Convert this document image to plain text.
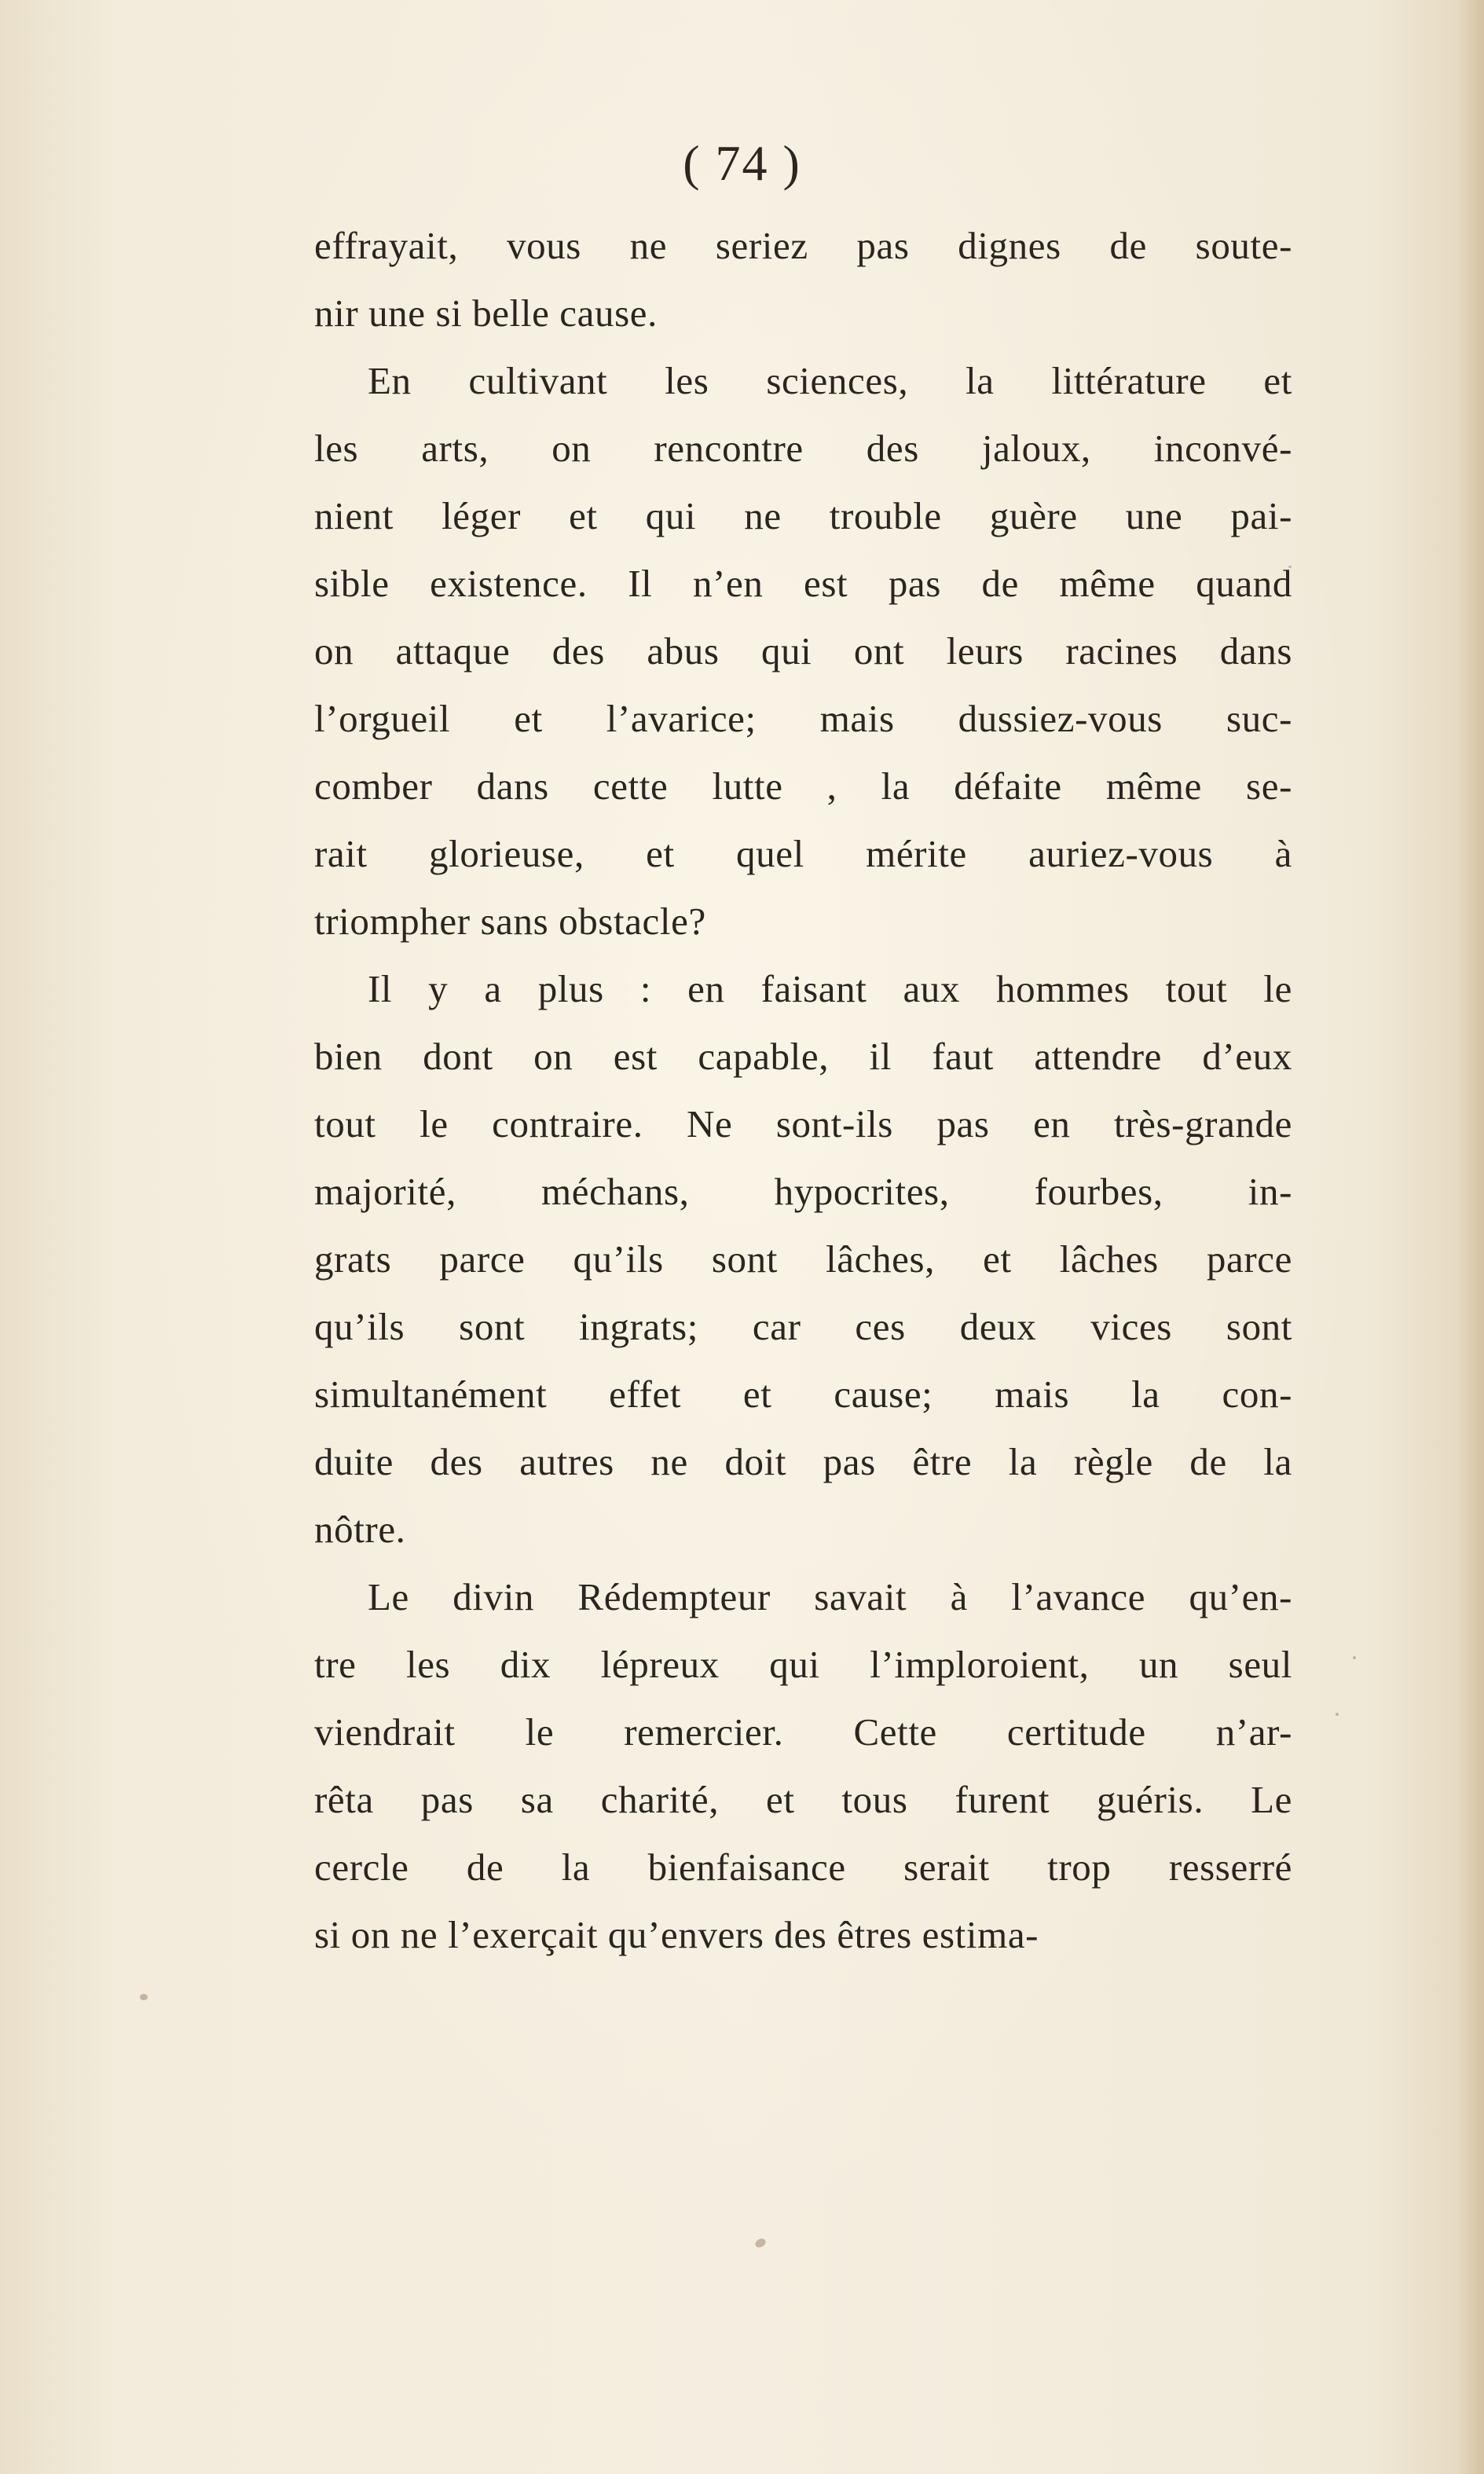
( 74 )
effrayait, vous ne seriez pas dignes de soute-
nir une si belle cause.
En cultivant les sciences, la littérature et
les arts, on rencontre des jaloux, inconvé-
nient léger et qui ne trouble guère une pai-
sible existence. Il n’en est pas de même quand
on attaque des abus qui ont leurs racines dans
l’orgueil et l’avarice; mais dussiez-vous suc-
comber dans cette lutte , la défaite même se-
rait glorieuse, et quel mérite auriez-vous à
triompher sans obstacle?
Il y a plus : en faisant aux hommes tout le
bien dont on est capable, il faut attendre d’eux
tout le contraire. Ne sont-ils pas en très-grande
majorité, méchans, hypocrites, fourbes, in-
grats parce qu’ils sont lâches, et lâches parce
qu’ils sont ingrats; car ces deux vices sont
simultanément effet et cause; mais la con-
duite des autres ne doit pas être la règle de la
nôtre.
Le divin Rédempteur savait à l’avance qu’en-
tre les dix lépreux qui l’imploroient, un seul
viendrait le remercier. Cette certitude n’ar-
rêta pas sa charité, et tous furent guéris. Le
cercle de la bienfaisance serait trop resserré
si on ne l’exerçait qu’envers des êtres estima-
